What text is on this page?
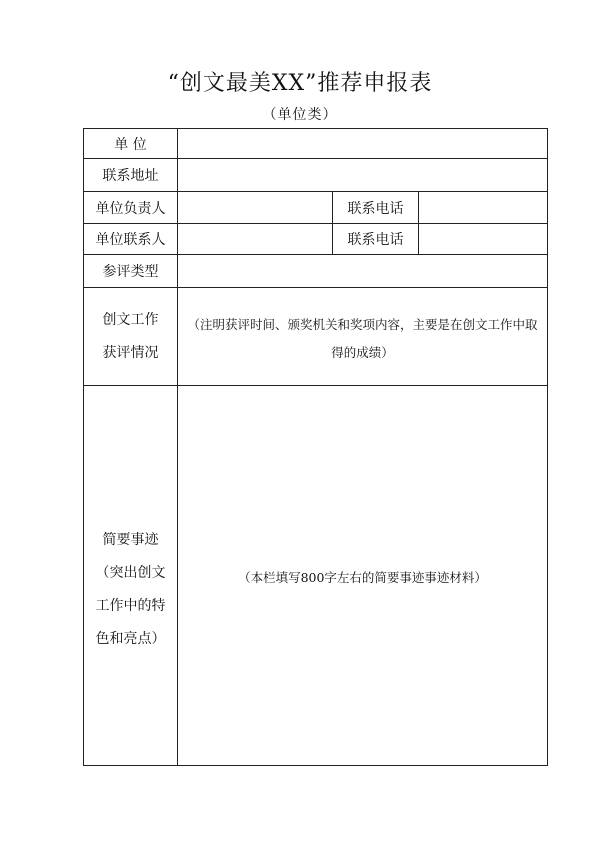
“创文最美XX”推荐申报表
（单位类）
单 位			
联系地址			
单位负责人		联系电话	
单位联系人		联系电话	
参评类型			

创文工作
获评情况	（注明获评时间、颁奖机关和奖项内容，主要是在创文工作中取得的成绩）		

简要事迹
（突出创文
工作中的特
色和亮点）	（本栏填写800字左右的简要事迹事迹材料）		
